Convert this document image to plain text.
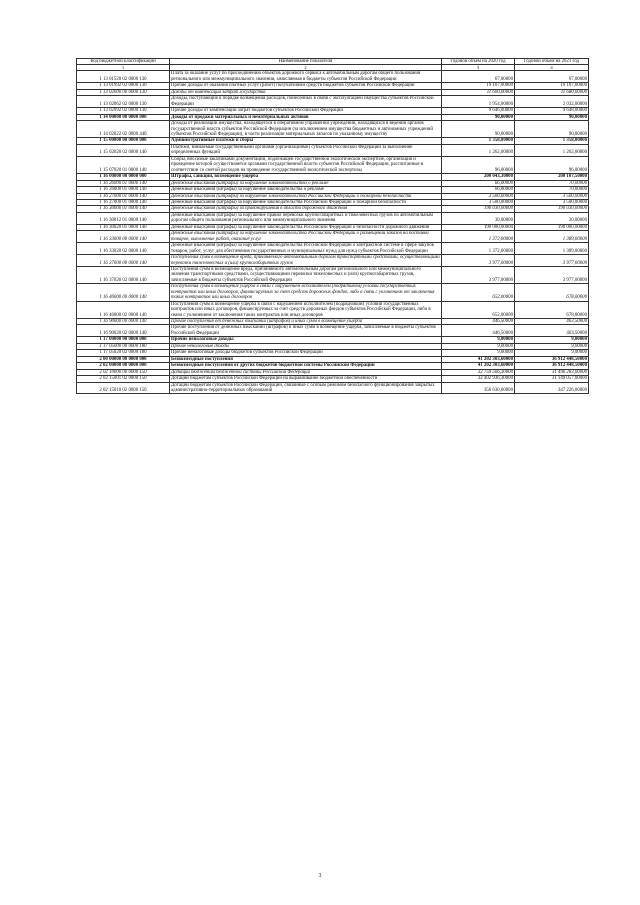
Код бюджетной классификации	Наименование показателя	Годовой объем на 2020 год	Годовой объем на 2021 год
1	2	3	4
1 13 01520 02 0000 130	Плата за оказание услуг по присоединению объектов дорожного сервиса к автомобильным дорогам общего пользования регионального или межмуниципального значения, зачисляемая в бюджеты субъектов Российской Федерации	67,00000	67,00000
1 13 01992 02 0000 130	Прочие доходы от оказания платных услуг (работ) получателями средств бюджетов субъектов Российской Федерации	19 107,00000	19 107,00000
1 13 02000 00 0000 130	Доходы от компенсации затрат государства	11 600,00000	11 680,00000
1 13 02062 02 0000 130	Доходы, поступающие в порядке возмещения расходов, понесенных в связи с эксплуатацией имущества субъектов Российской Федерации	1 954,00000	2 032,00000
1 13 02992 02 0000 130	Прочие доходы от компенсации затрат бюджетов субъектов Российской Федерации	9 646,00000	9 648,00000
1 14 00000 00 0000 000	Доходы от продажи материальных и нематериальных активов	90,00000	90,00000
1 14 02022 02 0000 440	Доходы от реализации имущества, находящегося в оперативном управлении учреждений, находящихся в ведении органов государственной власти субъектов Российской Федерации (за исключением имущества бюджетных и автономных учреждений субъектов Российской Федерации), в части реализации материальных запасов по указанному имуществу	90,00000	90,00000
1 15 00000 00 0000 000	Административные платежи и сборы	1 358,00000	1 358,00000
1 15 02020 02 0000 140	Платежи, взимаемые государственными органами (организациями) субъектов Российской Федерации за выполнение определенных функций	1 262,00000	1 262,00000
1 15 07020 01 0000 140	Сборы, вносимые заказчиками документации, подлежащей государственной экологической экспертизе, организация и проведение которой осуществляется органами государственной власти субъектов Российской Федерации, рассчитанные в соответствии со сметой расходов на проведение государственной экологической экспертизы	96,00000	96,00000
1 16 00000 00 0000 000	Штрафы, санкции, возмещение ущерба	200 043,30000	200 107,50000
1 16 26000 01 0000 140	Денежные взыскания (штрафы) за нарушение законодательства о рекламе	66,00000	70,00000
1 16 26000 01 0000 140	Денежные взыскания (штрафы) за нарушение законодательства о рекламе	66,00000	70,00000
1 16 27000 01 0000 140	Денежные взыскания (штрафы) за нарушение законодательства Российской Федерации о пожарной безопасности	3 500,00000	3 500,00000
1 16 27000 01 0000 140	Денежные взыскания (штрафы) за нарушение законодательства Российской Федерации о пожарной безопасности	3 500,00000	3 500,00000
1 16 30000 01 0000 140	Денежные взыскания (штрафы) за правонарушения в области дорожного движения	190 030,00000	190 030,00000
1 16 30012 01 0000 140	Денежные взыскания (штрафы) за нарушение правил перевозки крупногабаритных и тяжеловесных грузов по автомобильным дорогам общего пользования регионального или межмуниципального значения	30,00000	30,00000
1 16 30020 01 0000 140	Денежные взыскания (штрафы) за нарушение законодательства Российской Федерации о безопасности дорожного движения	190 000,00000	190 000,00000
1 16 33000 00 0000 140	Денежные взыскания (штрафы) за нарушение законодательства Российской Федерации о размещении заказов на поставки товаров, выполнение работ, оказание услуг	1 372,00000	1 389,00000
1 16 33020 02 0000 140	Денежные взыскания (штрафы) за нарушение законодательства Российской Федерации о контрактной системе в сфере закупок товаров, работ, услуг для обеспечения государственных и муниципальных нужд для нужд субъектов Российской Федерации	1 372,00000	1 389,00000
1 16 37000 00 0000 140	Поступления сумм в возмещение вреда, причиняемого автомобильным дорогам транспортными средствами, осуществляющими перевозки тяжеловесных и (или) крупногабаритных грузов	3 977,00000	3 977,00000
1 16 37020 02 0000 140	Поступления сумм в возмещение вреда, причиняемого автомобильным дорогам регионального или межмуниципального значения транспортными средствами, осуществляющими перевозки тяжеловесных и (или) крупногабаритных грузов, зачисляемые в бюджеты субъектов Российской Федерации	3 977,00000	3 977,00000
1 16 46000 00 0000 140	Поступления сумм в возмещение ущерба в связи с нарушением исполнителем (подрядчиком) условий государственных контрактов или иных договоров, финансируемых за счет средств дорожных фондов, либо в связи с уклонением от заключения таких контрактов или иных договоров	652,00000	678,00000
1 16 46000 02 0000 140	Поступления сумм в возмещение ущерба в связи с нарушением исполнителем (подрядчиком) условий государственных контрактов или иных договоров, финансируемых за счет средств дорожных фондов субъектов Российской Федерации, либо в связи с уклонением от заключения таких контрактов или иных договоров	652,00000	678,00000
1 16 90000 00 0000 140	Прочие поступления от денежных взысканий (штрафов) и иных сумм в возмещение ущерба	446,50000	463,50000
1 16 90020 02 0000 140	Прочие поступления от денежных взысканий (штрафов) и иных сумм в возмещение ущерба, зачисляемые в бюджеты субъектов Российской Федерации	446,50000	463,50000
1 17 00000 00 0000 000	Прочие неналоговые доходы	9,00000	9,00000
1 17 05000 00 0000 180	Прочие неналоговые доходы	9,00000	9,00000
1 17 05020 02 0000 180	Прочие неналоговые доходы бюджетов субъектов Российской Федерации	9,00000	9,00000
2 00 00000 00 0000 000	Безвозмездные поступления	41 202 303,60000	36 912 448,50000
2 02 00000 00 0000 000	Безвозмездные поступления от других бюджетов бюджетной системы Российской Федерации	41 202 303,60000	36 912 448,50000
2 02 10000 00 0000 150	Дотации бюджетам бюджетной системы Российской Федерации	32 759 566,30000	31 496 283,00000
2 02 15001 02 0000 150	Дотации бюджетам субъектов Российской Федерации на выравнивание бюджетной обеспеченности	32 402 936,30000	31 149 057,00000
2 02 15010 02 0000 150	Дотации бюджетам субъектов Российской Федерации, связанные с особым режимом безопасного функционирования закрытых административно-территориальных образований	356 630,00000	347 226,00000
3
